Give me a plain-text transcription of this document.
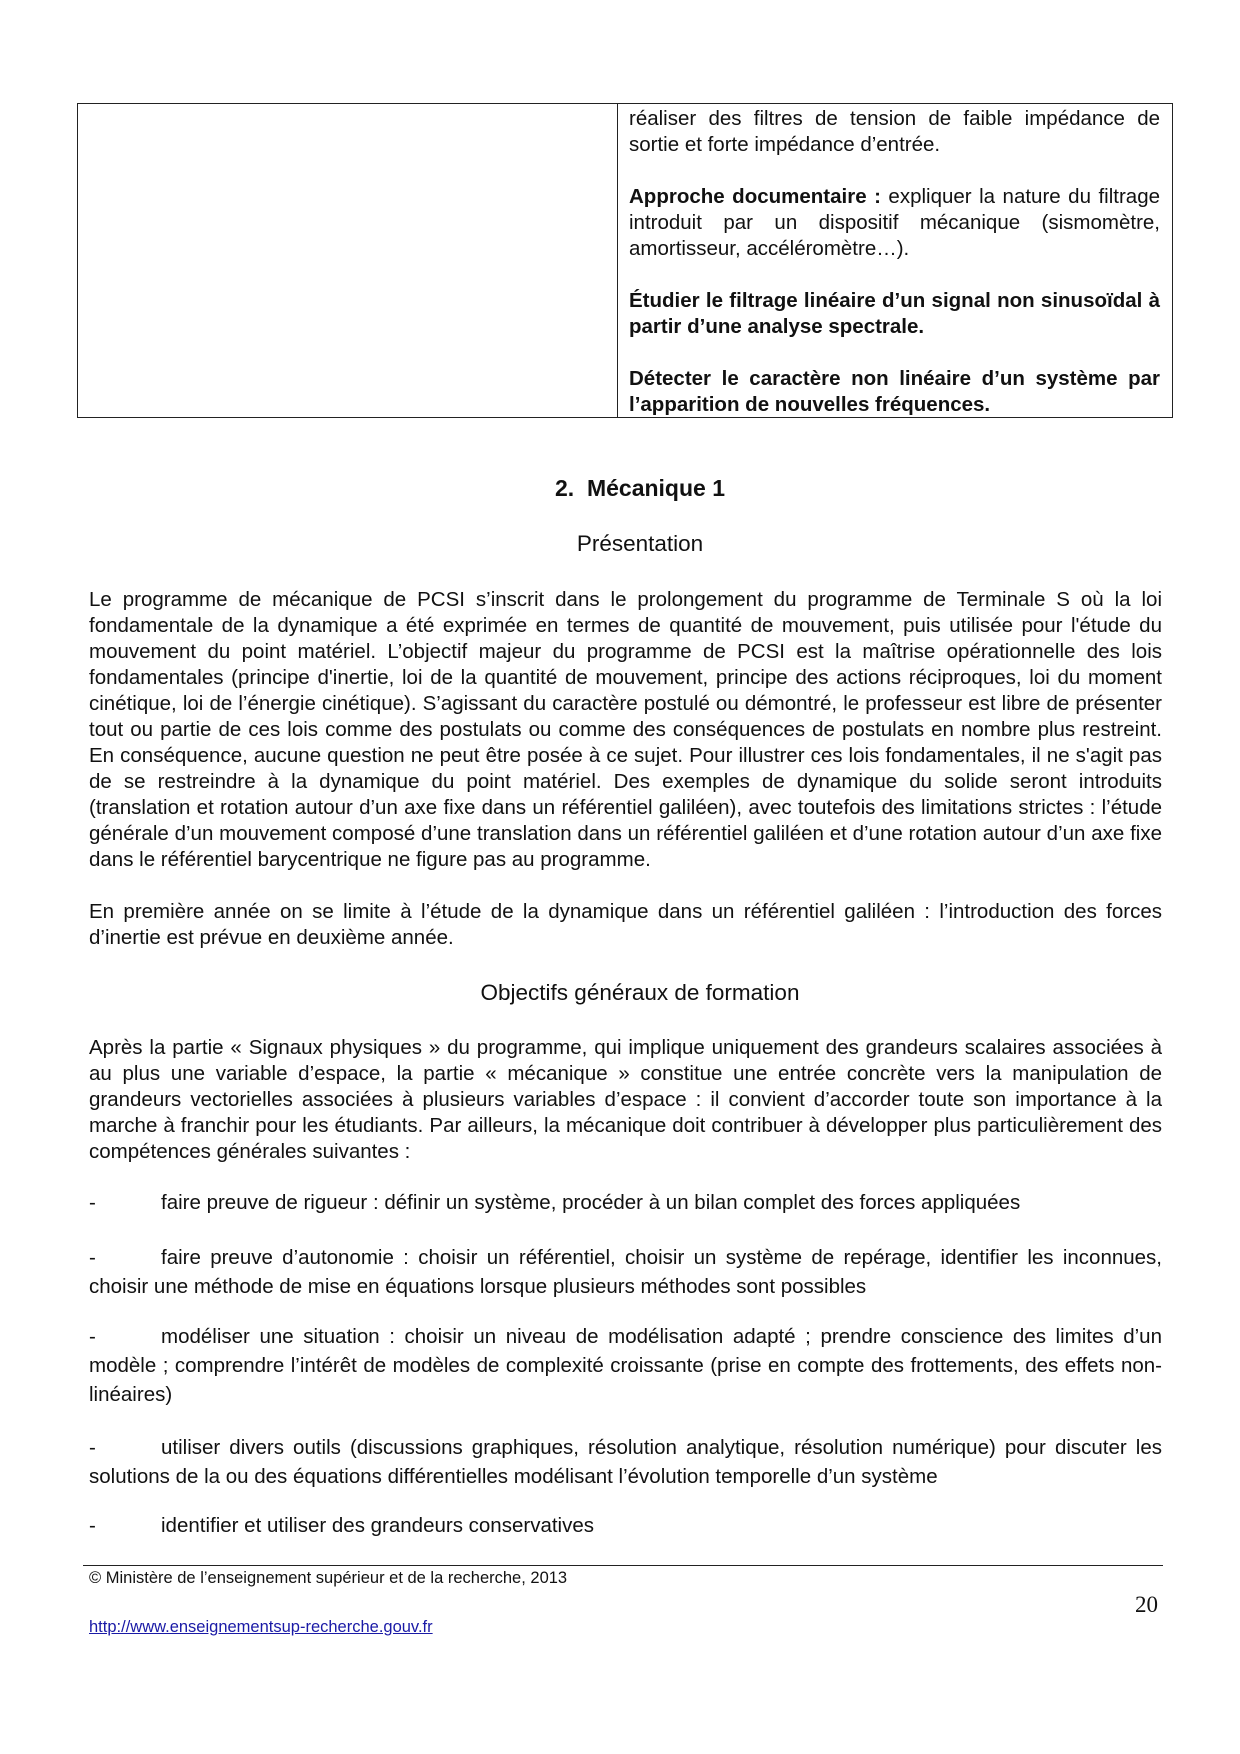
réaliser des filtres de tension de faible impédance de sortie et forte impédance d’entrée.

Approche documentaire : expliquer la nature du filtrage introduit par un dispositif mécanique (sismomètre, amortisseur, accéléromètre…).

Étudier le filtrage linéaire d’un signal non sinusoïdal à partir d’une analyse spectrale.

Détecter le caractère non linéaire d’un système par l’apparition de nouvelles fréquences.

2. Mécanique 1
Présentation

Le programme de mécanique de PCSI s’inscrit dans le prolongement du programme de Terminale S où la loi fondamentale de la dynamique a été exprimée en termes de quantité de mouvement, puis utilisée pour l'étude du mouvement du point matériel. L’objectif majeur du programme de PCSI est la maîtrise opérationnelle des lois fondamentales (principe d'inertie, loi de la quantité de mouvement, principe des actions réciproques, loi du moment cinétique, loi de l’énergie cinétique). S’agissant du caractère postulé ou démontré, le professeur est libre de présenter tout ou partie de ces lois comme des postulats ou comme des conséquences de postulats en nombre plus restreint. En conséquence, aucune question ne peut être posée à ce sujet. Pour illustrer ces lois fondamentales, il ne s'agit pas de se restreindre à la dynamique du point matériel. Des exemples de dynamique du solide seront introduits (translation et rotation autour d’un axe fixe dans un référentiel galiléen), avec toutefois des limitations strictes : l’étude générale d’un mouvement composé d’une translation dans un référentiel galiléen et d’une rotation autour d’un axe fixe dans le référentiel barycentrique ne figure pas au programme.

En première année on se limite à l’étude de la dynamique dans un référentiel galiléen : l’introduction des forces d’inertie est prévue en deuxième année.

Objectifs généraux de formation

Après la partie « Signaux physiques » du programme, qui implique uniquement des grandeurs scalaires associées à au plus une variable d’espace, la partie « mécanique » constitue une entrée concrète vers la manipulation de grandeurs vectorielles associées à plusieurs variables d’espace : il convient d’accorder toute son importance à la marche à franchir pour les étudiants. Par ailleurs, la mécanique doit contribuer à développer plus particulièrement des compétences générales suivantes :

-	faire preuve de rigueur : définir un système, procéder à un bilan complet des forces appliquées

-	faire preuve d’autonomie : choisir un référentiel, choisir un système de repérage, identifier les inconnues, choisir une méthode de mise en équations lorsque plusieurs méthodes sont possibles

-	modéliser une situation : choisir un niveau de modélisation adapté ; prendre conscience des limites d’un modèle ; comprendre l’intérêt de modèles de complexité croissante (prise en compte des frottements, des effets non-linéaires)

-	utiliser divers outils (discussions graphiques, résolution analytique, résolution numérique) pour discuter les solutions de la ou des équations différentielles modélisant l’évolution temporelle d’un système

-	identifier et utiliser des grandeurs conservatives

© Ministère de l’enseignement supérieur et de la recherche, 2013
20
http://www.enseignementsup-recherche.gouv.fr
